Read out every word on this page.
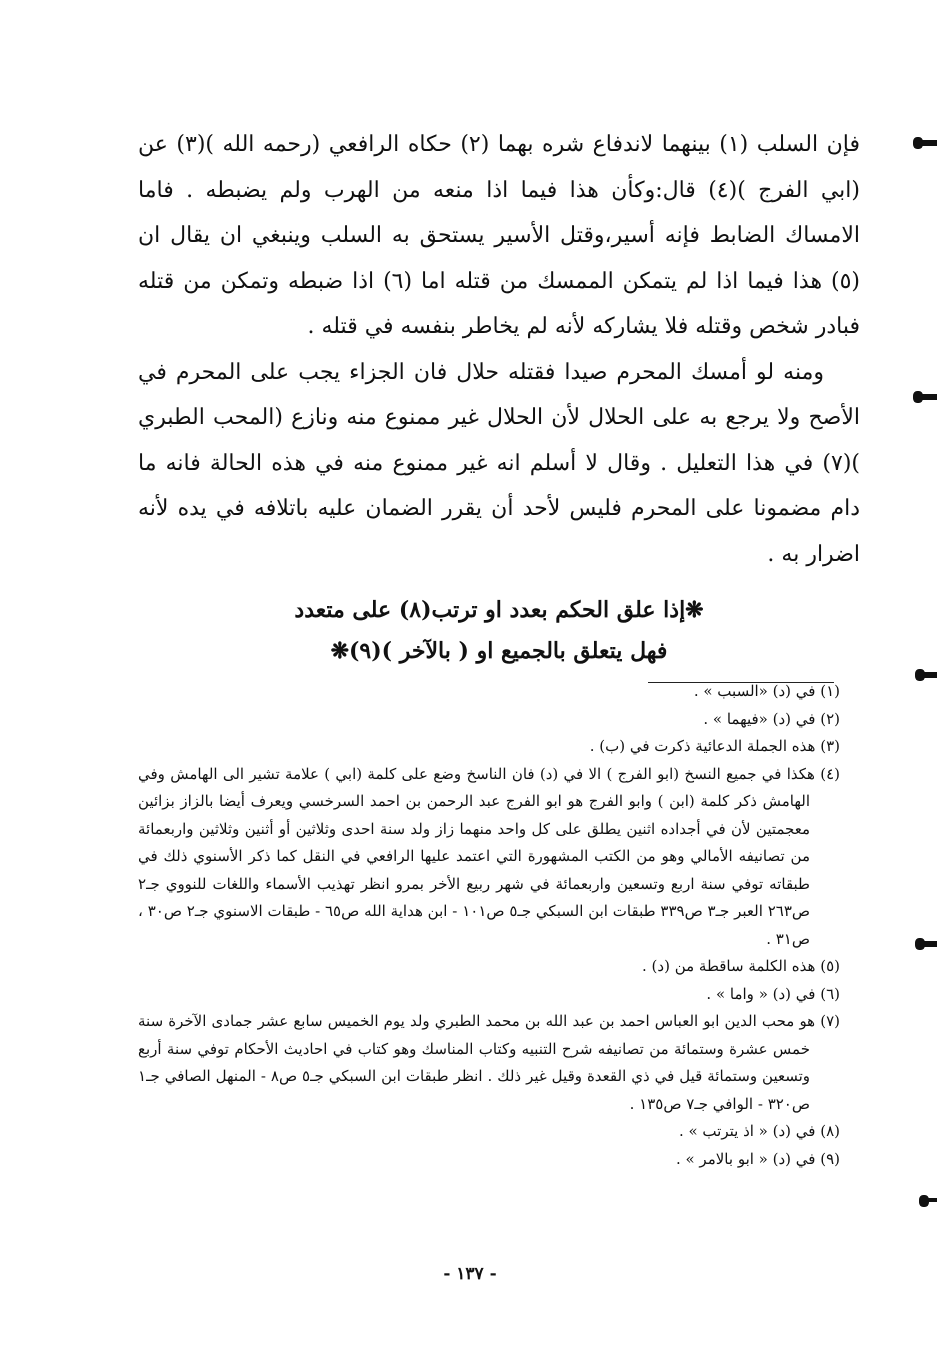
فإن السلب (١) بينهما لاندفاع شره بهما (٢) حكاه الرافعي (رحمه الله )(٣) عن (ابي الفرج )(٤) قال:وكأن هذا فيما اذا منعه من الهرب ولم يضبطه . فاما الامساك الضابط فإنه أسير،وقتل الأسير يستحق به السلب وينبغي ان يقال ان (٥) هذا فيما اذا لم يتمكن الممسك من قتله اما (٦) اذا ضبطه وتمكن من قتله فبادر شخص وقتله فلا يشاركه لأنه لم يخاطر بنفسه في قتله .

ومنه لو أمسك المحرم صيدا فقتله حلال فان الجزاء يجب على المحرم في الأصح ولا يرجع به على الحلال لأن الحلال غير ممنوع منه ونازع (المحب الطبري )(٧) في هذا التعليل . وقال لا أسلم انه غير ممنوع منه في هذه الحالة فانه ما دام مضمونا على المحرم فليس لأحد أن يقرر الضمان عليه باتلافه في يده لأنه اضرار به .

❋إذا علق الحكم بعدد او ترتب(٨) على متعدد
فهل يتعلق بالجميع او ( بالآخر )(٩)❋

(١) في (د) «السبب » .

(٢) في (د) «فيهما » .

(٣) هذه الجملة الدعائية ذكرت في (ب) .

(٤) هكذا في جميع النسخ (ابو الفرج ) الا في (د) فان الناسخ وضع على كلمة (ابي ) علامة تشير الى الهامش وفي الهامش ذكر كلمة (ابن ) وابو الفرج هو ابو الفرج عبد الرحمن بن احمد السرخسي ويعرف أيضا بالزاز بزائين معجمتين لأن في أجداده اثنين يطلق على كل واحد منهما زاز ولد سنة احدى وثلاثين أو أثنين وثلاثين واربعمائة من تصانيفه الأمالي وهو من الكتب المشهورة التي اعتمد عليها الرافعي في النقل كما ذكر الأسنوي ذلك في طبقاته توفي سنة اربع وتسعين واربعمائة في شهر ربيع الأخر بمرو انظر تهذيب الأسماء واللغات للنووي جـ٢ ص٢٦٣ العبر جـ٣ ص٣٣٩ طبقات ابن السبكي جـ٥ ص١٠١ - ابن هداية الله ص٦٥ - طبقات الاسنوي جـ٢ ص٣٠ ، ص٣١ .

(٥) هذه الكلمة ساقطة من (د) .

(٦) في (د) « واما » .

(٧) هو محب الدين ابو العباس احمد بن عبد الله بن محمد الطبري ولد يوم الخميس سابع عشر جمادى الآخرة سنة خمس عشرة وستمائة من تصانيفه شرح التنبيه وكتاب المناسك وهو كتاب في احاديث الأحكام توفي سنة أربع وتسعين وستمائة قيل في ذي القعدة وقيل غير ذلك . انظر طبقات ابن السبكي جـ٥ ص٨ - المنهل الصافي جـ١ ص٣٢٠ - الوافي جـ٧ ص١٣٥ .

(٨) في (د) « اذ يترتب » .

(٩) في (د) « ابو بالامر » .

- ١٣٧ -
